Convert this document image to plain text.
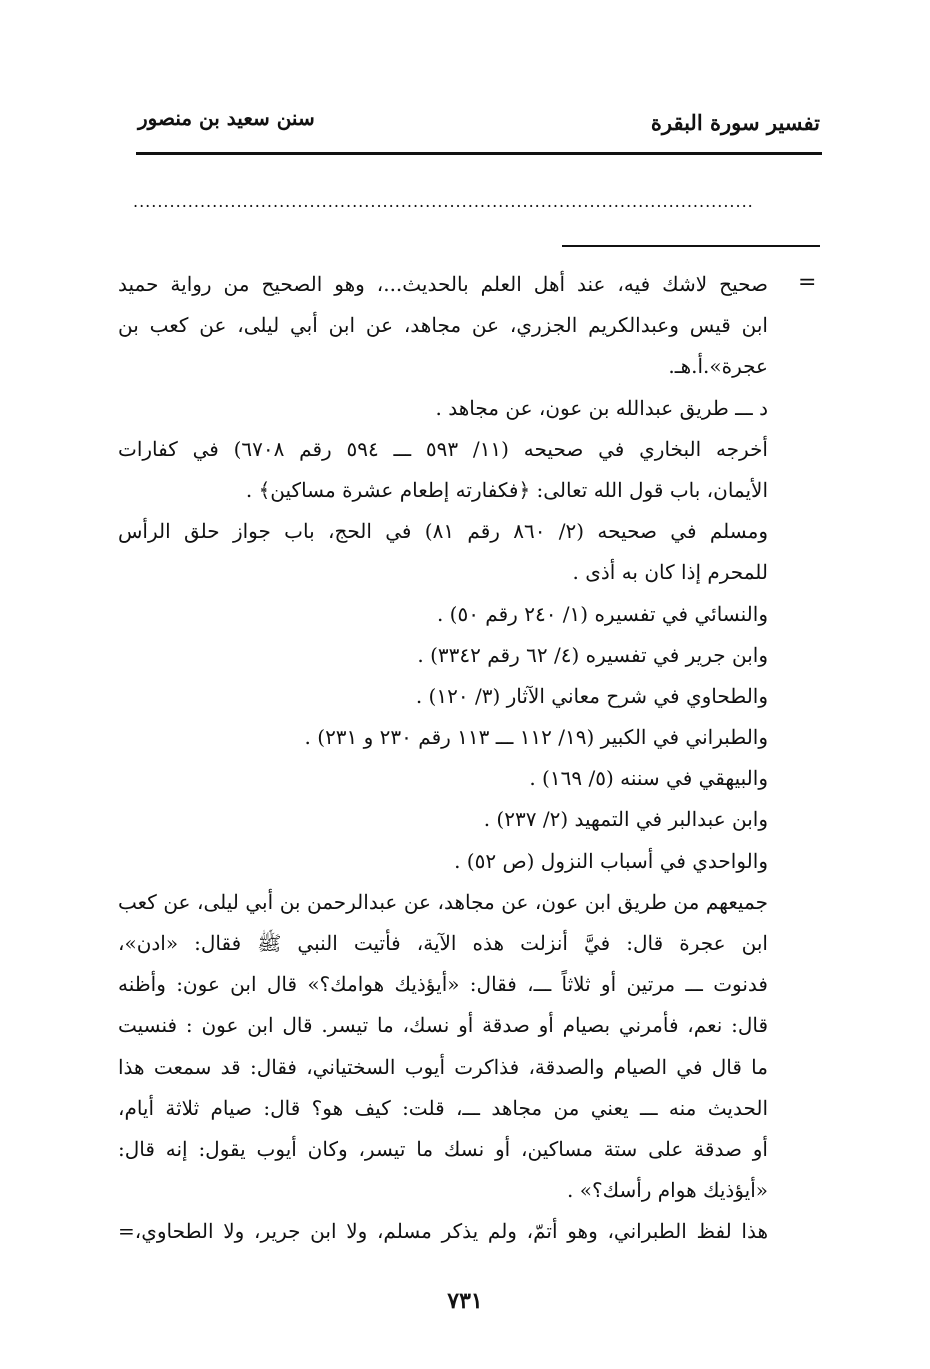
تفسير سورة البقرة
سنن سعيد بن منصور
......................................................................................................
=
صحيح لاشك فيه، عند أهل العلم بالحديث...، وهو الصحيح من رواية حميد
ابن قيس وعبدالكريم الجزري، عن مجاهد، عن ابن أبي ليلى، عن كعب بن
عجرة».أ.هـ.
د ـــ طريق عبدالله بن عون، عن مجاهد .
أخرجه البخاري في صحيحه (١١/ ٥٩٣ ـــ ٥٩٤ رقم ٦٧٠٨) في كفارات
الأيمان، باب قول الله تعالى: ﴿فكفارته إطعام عشرة مساكين﴾ .
ومسلم في صحيحه (٢/ ٨٦٠ رقم ٨١) في الحج، باب جواز حلق الرأس
للمحرم إذا كان به أذى .
والنسائي في تفسيره (١/ ٢٤٠ رقم ٥٠) .
وابن جرير في تفسيره (٤/ ٦٢ رقم ٣٣٤٢) .
والطحاوي في شرح معاني الآثار (٣/ ١٢٠) .
والطبراني في الكبير (١٩/ ١١٢ ـــ ١١٣ رقم ٢٣٠ و ٢٣١) .
والبيهقي في سننه (٥/ ١٦٩) .
وابن عبدالبر في التمهيد (٢/ ٢٣٧) .
والواحدي في أسباب النزول (ص ٥٢) .
جميعهم من طريق ابن عون، عن مجاهد، عن عبدالرحمن بن أبي ليلى، عن كعب
ابن عجرة قال: فيَّ أنزلت هذه الآية، فأتيت النبي ﷺ فقال: «ادن»،
فدنوت ـــ مرتين أو ثلاثاً ـــ، فقال: «أيؤذيك هوامك؟» قال ابن عون: وأظنه
قال: نعم، فأمرني بصيام أو صدقة أو نسك، ما تيسر. قال ابن عون : فنسيت
ما قال في الصيام والصدقة، فذاكرت أيوب السختياني، فقال: قد سمعت هذا
الحديث منه ـــ يعني من مجاهد ـــ، قلت: كيف هو؟ قال: صيام ثلاثة أيام،
أو صدقة على ستة مساكين، أو نسك ما تيسر، وكان أيوب يقول: إنه قال:
«أيؤذيك هوام رأسك؟» .
هذا لفظ الطبراني، وهو أتمّ، ولم يذكر مسلم، ولا ابن جرير، ولا الطحاوي،=
٧٣١
